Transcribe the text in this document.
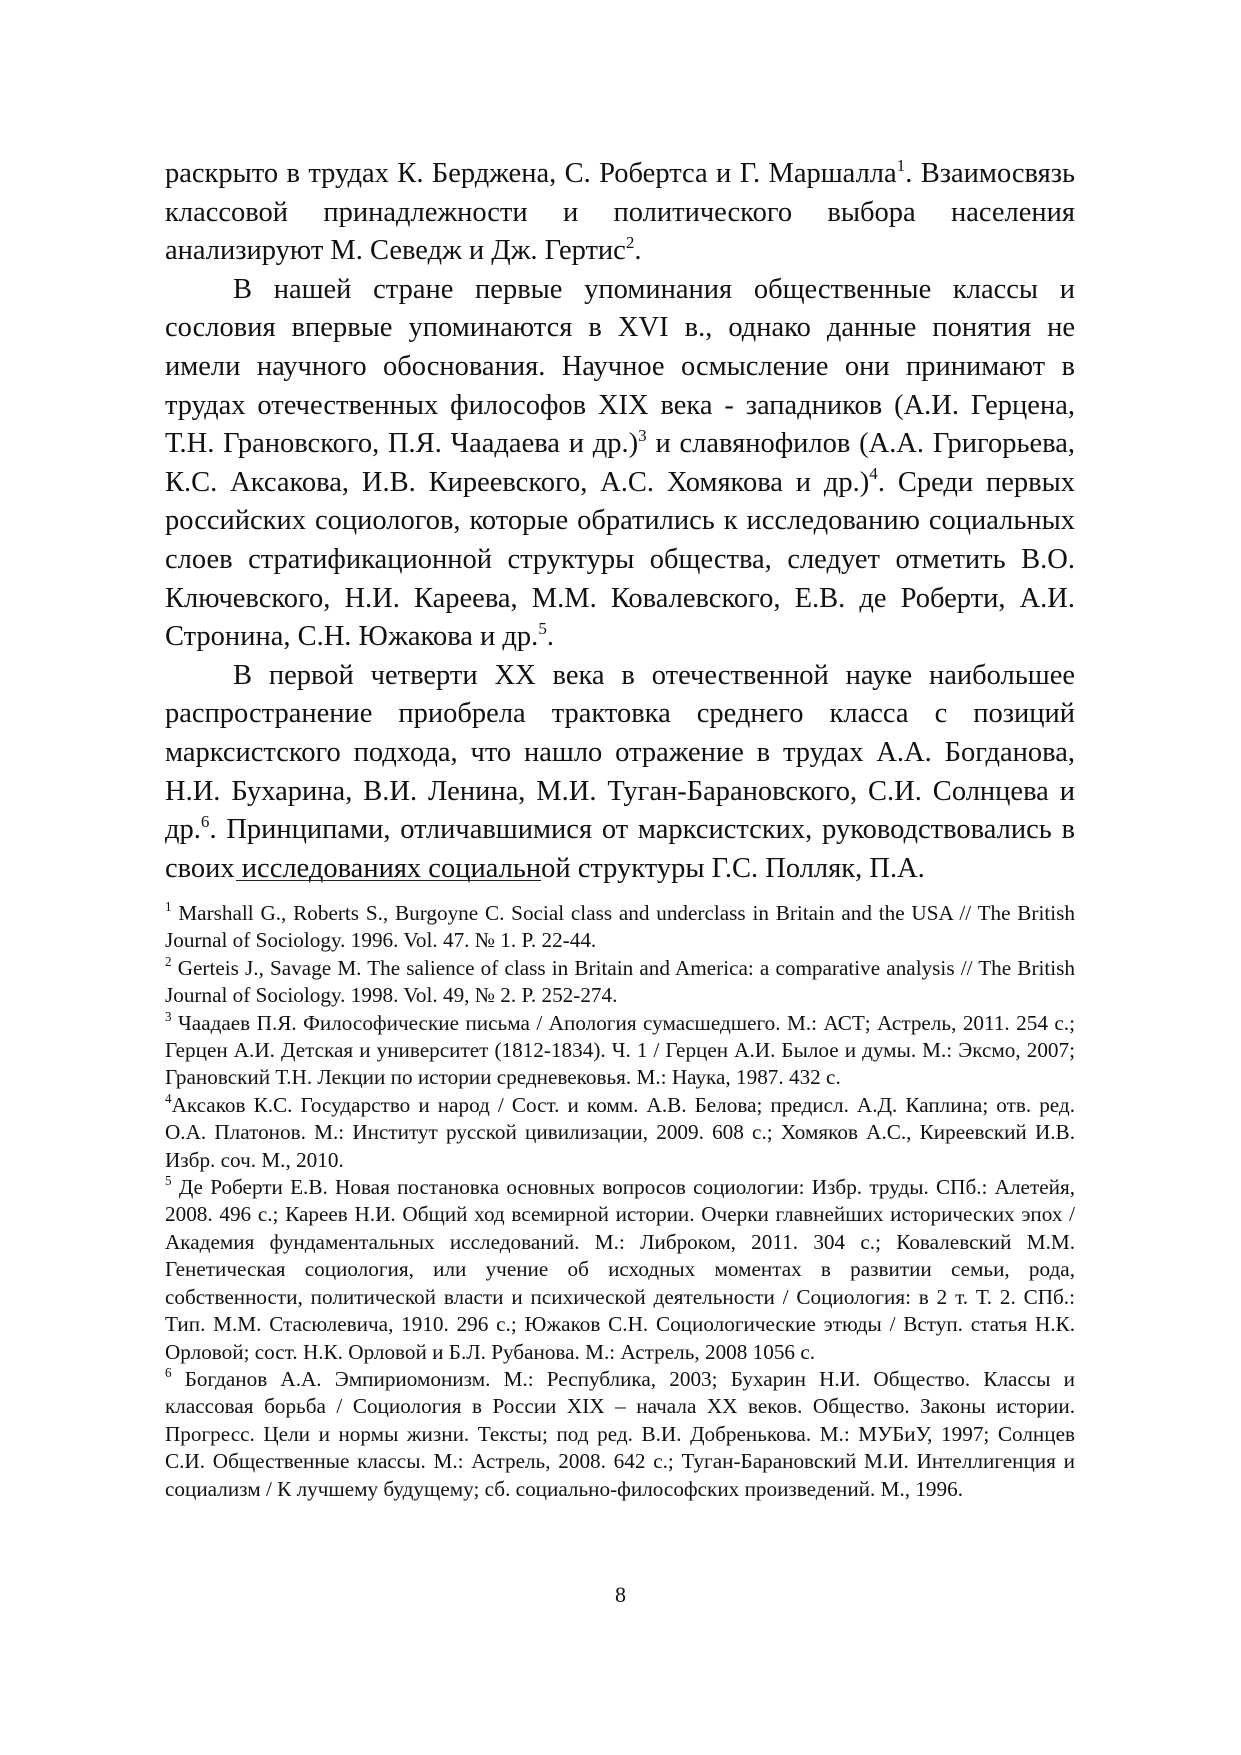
раскрыто в трудах К. Берджена, С. Робертса и Г. Маршалла$^1$. Взаимосвязь классовой принадлежности и политического выбора населения анализируют М. Севедж и Дж. Гертис$^2$.

В нашей стране первые упоминания общественные классы и сословия впервые упоминаются в XVI в., однако данные понятия не имели научного обоснования. Научное осмысление они принимают в трудах отечественных философов XIX века - западников (А.И. Герцена, Т.Н. Грановского, П.Я. Чаадаева и др.)$^3$ и славянофилов (А.А. Григорьева, К.С. Аксакова, И.В. Киреевского, А.С. Хомякова и др.)$^4$. Среди первых российских социологов, которые обратились к исследованию социальных слоев стратификационной структуры общества, следует отметить В.О. Ключевского, Н.И. Кареева, М.М. Ковалевского, Е.В. де Роберти, А.И. Стронина, С.Н. Южакова и др.$^5$.

В первой четверти XX века в отечественной науке наибольшее распространение приобрела трактовка среднего класса с позиций марксистского подхода, что нашло отражение в трудах А.А. Богданова, Н.И. Бухарина, В.И. Ленина, М.И. Туган-Барановского, С.И. Солнцева и др.$^6$. Принципами, отличавшимися от марксистских, руководствовались в своих исследованиях социальной структуры Г.С. Полляк, П.А.

$^1$ Marshall G., Roberts S., Burgoyne C. Social class and underclass in Britain and the USA // The British Journal of Sociology. 1996. Vol. 47. № 1. P. 22-44.

$^2$ Gerteis J., Savage M. The salience of class in Britain and America: a comparative analysis // The British Journal of Sociology. 1998. Vol. 49, № 2. P. 252-274.

$^3$ Чаадаев П.Я. Философические письма / Апология сумасшедшего. М.: АСТ; Астрель, 2011. 254 с.; Герцен А.И. Детская и университет (1812-1834). Ч. 1 / Герцен А.И. Былое и думы. М.: Эксмо, 2007; Грановский Т.Н. Лекции по истории средневековья. М.: Наука, 1987. 432 с.

$^4$Аксаков К.С. Государство и народ / Сост. и комм. А.В. Белова; предисл. А.Д. Каплина; отв. ред. О.А. Платонов. М.: Институт русской цивилизации, 2009. 608 с.; Хомяков А.С., Киреевский И.В. Избр. соч. М., 2010.

$^5$ Де Роберти Е.В. Новая постановка основных вопросов социологии: Избр. труды. СПб.: Алетейя, 2008. 496 с.; Кареев Н.И. Общий ход всемирной истории. Очерки главнейших исторических эпох / Академия фундаментальных исследований. М.: Либроком, 2011. 304 с.; Ковалевский М.М. Генетическая социология, или учение об исходных моментах в развитии семьи, рода, собственности, политической власти и психической деятельности / Социология: в 2 т. Т. 2. СПб.: Тип. М.М. Стасюлевича, 1910. 296 с.; Южаков С.Н. Социологические этюды / Вступ. статья Н.К. Орловой; сост. Н.К. Орловой и Б.Л. Рубанова. М.: Астрель, 2008 1056 с.

$^6$ Богданов А.А. Эмпириомонизм. М.: Республика, 2003; Бухарин Н.И. Общество. Классы и классовая борьба / Социология в России XIX – начала XX веков. Общество. Законы истории. Прогресс. Цели и нормы жизни. Тексты; под ред. В.И. Добренькова. М.: МУБиУ, 1997; Солнцев С.И. Общественные классы. М.: Астрель, 2008. 642 с.; Туган-Барановский М.И. Интеллигенция и социализм / К лучшему будущему; сб. социально-философских произведений. М., 1996.

8
